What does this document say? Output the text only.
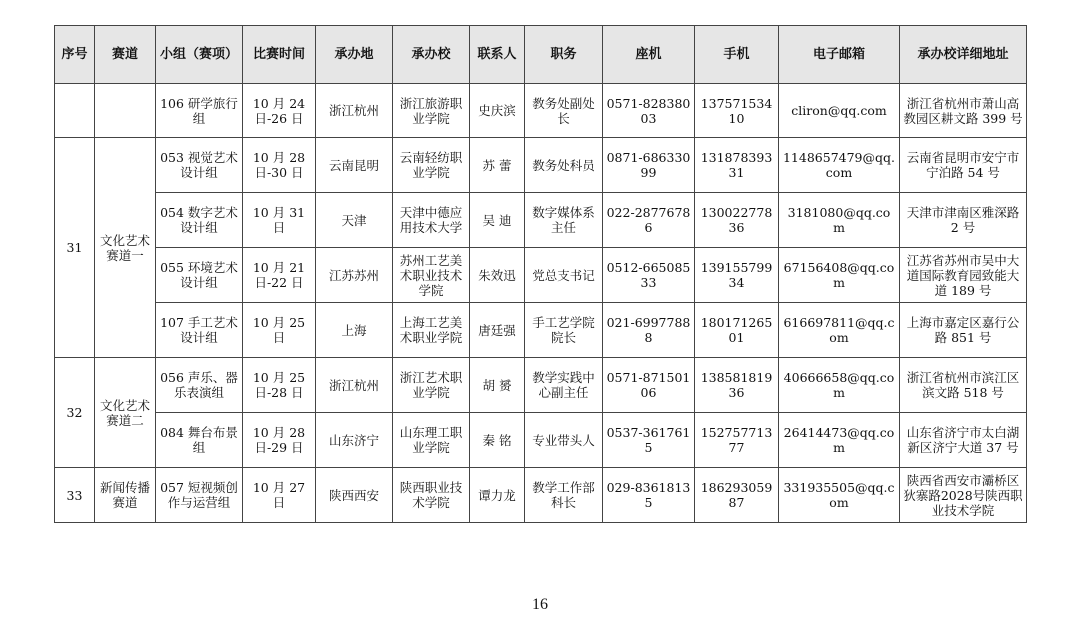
序号	赛道	小组（赛项）	比赛时间	承办地	承办校	联系人	职务	座机	手机	电子邮箱	承办校详细地址
		106 研学旅行组	10 月 24 日-26 日	浙江杭州	浙江旅游职业学院	史庆滨	教务处副处长	0571-82838003	13757153410	cliron@qq.com	浙江省杭州市萧山高教园区耕文路 399 号
31	文化艺术赛道一	053 视觉艺术设计组	10 月 28 日-30 日	云南昆明	云南轻纺职业学院	苏 蕾	教务处科员	0871-68633099	13187839331	1148657479@qq.com	云南省昆明市安宁市宁泊路 54 号
		054 数字艺术设计组	10 月 31 日	天津	天津中德应用技术大学	吴 迪	数字媒体系主任	022-28776786	13002277836	3181080@qq.com	天津市津南区雅深路 2 号
		055 环境艺术设计组	10 月 21 日-22 日	江苏苏州	苏州工艺美术职业技术学院	朱效迅	党总支书记	0512-66508533	13915579934	67156408@qq.com	江苏省苏州市吴中大道国际教育园致能大道 189 号
		107 手工艺术设计组	10 月 25 日	上海	上海工艺美术职业学院	唐廷强	手工艺学院院长	021-69977888	18017126501	616697811@qq.com	上海市嘉定区嘉行公路 851 号
32	文化艺术赛道二	056 声乐、器乐表演组	10 月 25 日-28 日	浙江杭州	浙江艺术职业学院	胡 赟	教学实践中心副主任	0571-87150106	13858181936	40666658@qq.com	浙江省杭州市滨江区滨文路 518 号
		084 舞台布景组	10 月 28 日-29 日	山东济宁	山东理工职业学院	秦 铭	专业带头人	0537-3617615	15275771377	26414473@qq.com	山东省济宁市太白湖新区济宁大道 37 号
33	新闻传播赛道	057 短视频创作与运营组	10 月 27 日	陕西西安	陕西职业技术学院	谭力龙	教学工作部科长	029-83618135	18629305987	331935505@qq.com	陕西省西安市灞桥区狄寨路2028号陕西职业技术学院
16
